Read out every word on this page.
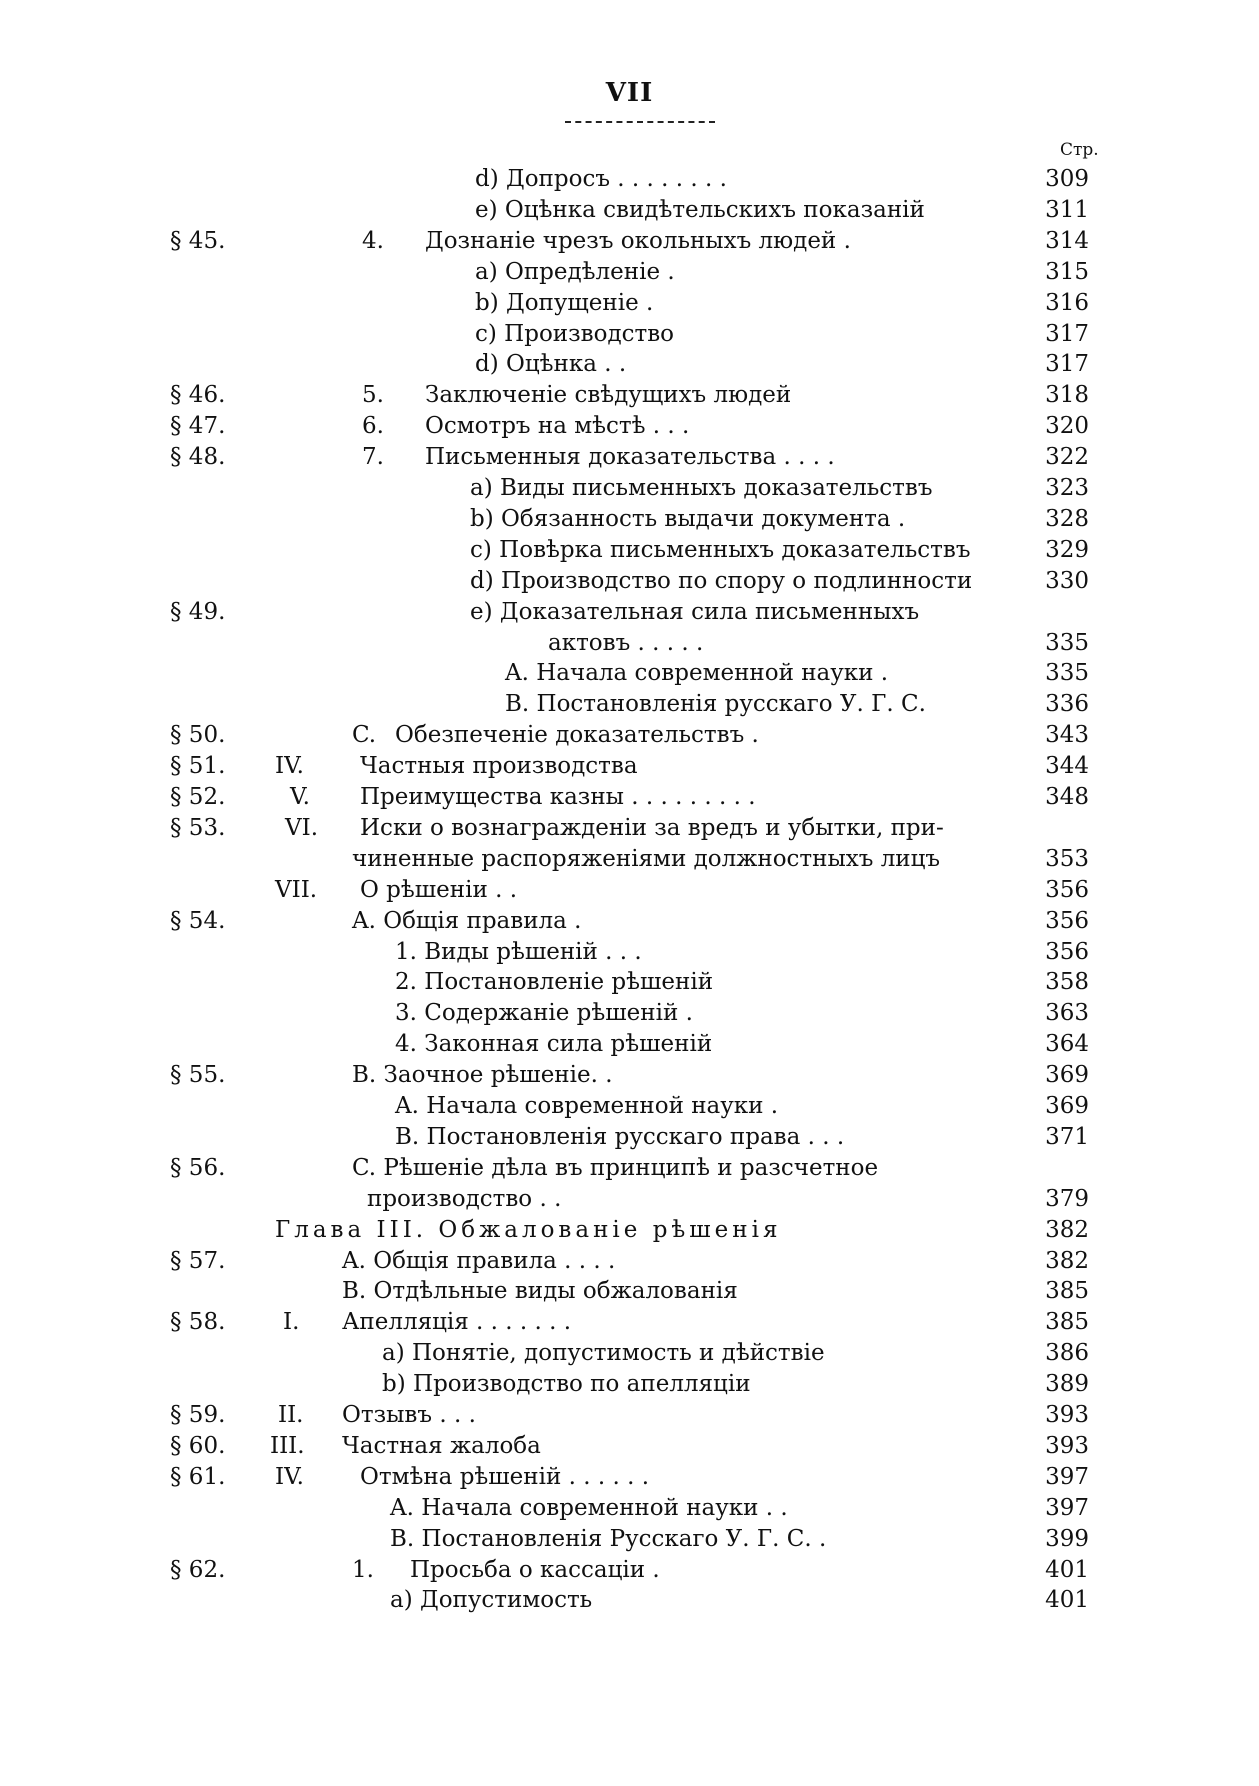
VII
Стр.
d) Допросъ . . . . . . . .	309
e) Оцѣнка свидѣтельскихъ показаній	311
§ 45.	4. Дознаніе чрезъ окольныхъ людей .	314
a) Опредѣленіе .	315
b) Допущеніе .	316
c) Производство	317
d) Оцѣнка . .	317
§ 46.	5. Заключеніе свѣдущихъ людей	318
§ 47.	6. Осмотръ на мѣстѣ . . .	320
§ 48.	7. Письменныя доказательства . . . .	322
a) Виды письменныхъ доказательствъ	323
b) Обязанность выдачи документа .	328
c) Повѣрка письменныхъ доказательствъ	329
d) Производство по спору о подлинности	330
§ 49.	e) Доказательная сила письменныхъ
актовъ . . . . .	335
A. Начала современной науки .	335
B. Постановленія русскаго У. Г. С.	336
§ 50.	C. Обезпеченіе доказательствъ .	343
§ 51. IV. Частныя производства	344
§ 52.	V. Преимущества казны . . . . . . . . .	348
§ 53.	VI. Иски о вознагражденіи за вредъ и убытки, при-
чиненные распоряженіями должностныхъ лицъ	353
VII. О рѣшеніи . .	356
§ 54.	A. Общія правила .	356
1. Виды рѣшеній . . .	356
2. Постановленіе рѣшеній	358
3. Содержаніе рѣшеній .	363
4. Законная сила рѣшеній	364
§ 55.	B. Заочное рѣшеніе. .	369
A. Начала современной науки .	369
B. Постановленія русскаго права . . .	371
§ 56.	C. Рѣшеніе дѣла въ принципѣ и разсчетное
производство . .	379
Глава III. Обжалованіе рѣшенія	382
§ 57.	A. Общія правила . . . .	382
B. Отдѣльные виды обжалованія	385
§ 58.	I. Апелляція . . . . . . .	385
a) Понятіе, допустимость и дѣйствіе	386
b) Производство по апелляціи	389
§ 59. II. Отзывъ . . .	393
§ 60. III. Частная жалоба	393
§ 61. IV. Отмѣна рѣшеній . . . . . .	397
A. Начала современной науки . .	397
B. Постановленія Русскаго У. Г. С. .	399
§ 62.	1. Просьба о кассаціи .	401
a) Допустимость	401
